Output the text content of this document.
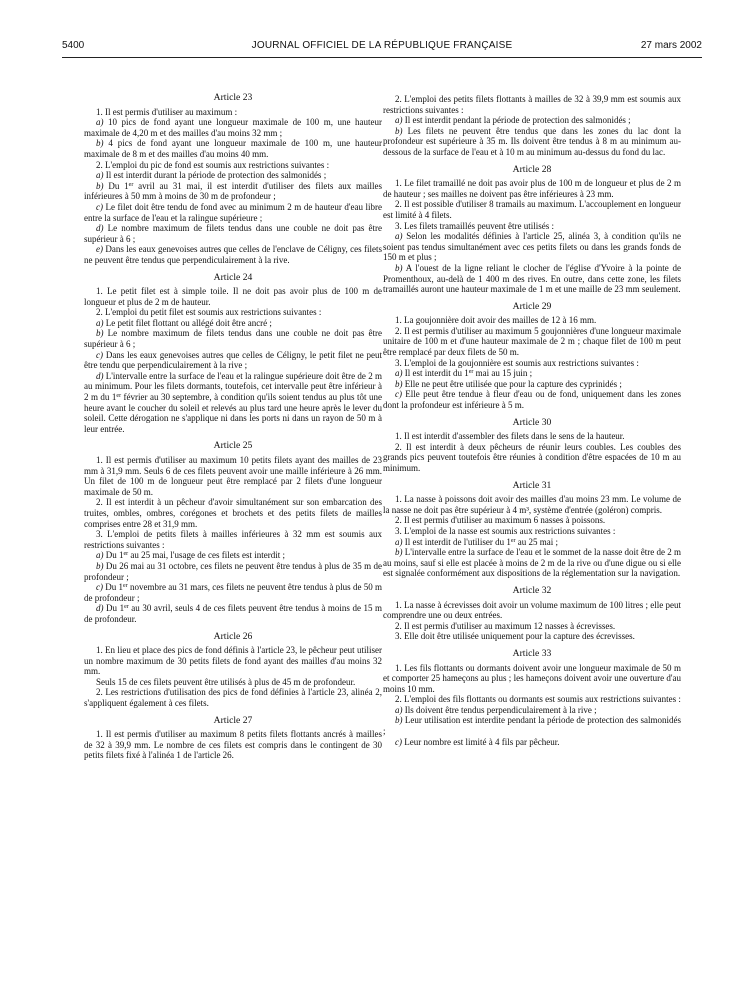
5400	JOURNAL OFFICIEL DE LA RÉPUBLIQUE FRANÇAISE	27 mars 2002
Article 23

1. Il est permis d'utiliser au maximum :

a) 10 pics de fond ayant une longueur maximale de 100 m, une hauteur maximale de 4,20 m et des mailles d'au moins 32 mm ;

b) 4 pics de fond ayant une longueur maximale de 100 m, une hauteur maximale de 8 m et des mailles d'au moins 40 mm.

2. L'emploi du pic de fond est soumis aux restrictions suivantes :

a) Il est interdit durant la période de protection des salmonidés ;

b) Du 1er avril au 31 mai, il est interdit d'utiliser des filets aux mailles inférieures à 50 mm à moins de 30 m de profondeur ;

c) Le filet doit être tendu de fond avec au minimum 2 m de hauteur d'eau libre entre la surface de l'eau et la ralingue supérieure ;

d) Le nombre maximum de filets tendus dans une couble ne doit pas être supérieur à 6 ;

e) Dans les eaux genevoises autres que celles de l'enclave de Céligny, ces filets ne peuvent être tendus que perpendiculairement à la rive.

Article 24

1. Le petit filet est à simple toile. Il ne doit pas avoir plus de 100 m de longueur et plus de 2 m de hauteur.

2. L'emploi du petit filet est soumis aux restrictions suivantes :

a) Le petit filet flottant ou allégé doit être ancré ;

b) Le nombre maximum de filets tendus dans une couble ne doit pas être supérieur à 6 ;

c) Dans les eaux genevoises autres que celles de Céligny, le petit filet ne peut être tendu que perpendiculairement à la rive ;

d) L'intervalle entre la surface de l'eau et la ralingue supérieure doit être de 2 m au minimum. Pour les filets dormants, toutefois, cet intervalle peut être inférieur à 2 m du 1er février au 30 septembre, à condition qu'ils soient tendus au plus tôt une heure avant le coucher du soleil et relevés au plus tard une heure après le lever du soleil. Cette dérogation ne s'applique ni dans les ports ni dans un rayon de 50 m à leur entrée.

Article 25

1. Il est permis d'utiliser au maximum 10 petits filets ayant des mailles de 23 mm à 31,9 mm. Seuls 6 de ces filets peuvent avoir une maille inférieure à 26 mm. Un filet de 100 m de longueur peut être remplacé par 2 filets d'une longueur maximale de 50 m.

2. Il est interdit à un pêcheur d'avoir simultanément sur son embarcation des truites, ombles, ombres, corégones et brochets et des petits filets de mailles comprises entre 28 et 31,9 mm.

3. L'emploi de petits filets à mailles inférieures à 32 mm est soumis aux restrictions suivantes :

a) Du 1er au 25 mai, l'usage de ces filets est interdit ;

b) Du 26 mai au 31 octobre, ces filets ne peuvent être tendus à plus de 35 m de profondeur ;

c) Du 1er novembre au 31 mars, ces filets ne peuvent être tendus à plus de 50 m de profondeur ;

d) Du 1er au 30 avril, seuls 4 de ces filets peuvent être tendus à moins de 15 m de profondeur.

Article 26

1. En lieu et place des pics de fond définis à l'article 23, le pêcheur peut utiliser un nombre maximum de 30 petits filets de fond ayant des mailles d'au moins 32 mm.

Seuls 15 de ces filets peuvent être utilisés à plus de 45 m de profondeur.

2. Les restrictions d'utilisation des pics de fond définies à l'article 23, alinéa 2, s'appliquent également à ces filets.

Article 27

1. Il est permis d'utiliser au maximum 8 petits filets flottants ancrés à mailles de 32 à 39,9 mm. Le nombre de ces filets est compris dans le contingent de 30 petits filets fixé à l'alinéa 1 de l'article 26.

2. L'emploi des petits filets flottants à mailles de 32 à 39,9 mm est soumis aux restrictions suivantes :

a) Il est interdit pendant la période de protection des salmonidés ;

b) Les filets ne peuvent être tendus que dans les zones du lac dont la profondeur est supérieure à 35 m. Ils doivent être tendus à 8 m au minimum au-dessous de la surface de l'eau et à 10 m au minimum au-dessus du fond du lac.

Article 28

1. Le filet tramaillé ne doit pas avoir plus de 100 m de longueur et plus de 2 m de hauteur ; ses mailles ne doivent pas être inférieures à 23 mm.

2. Il est possible d'utiliser 8 tramails au maximum. L'accouplement en longueur est limité à 4 filets.

3. Les filets tramaillés peuvent être utilisés :

a) Selon les modalités définies à l'article 25, alinéa 3, à condition qu'ils ne soient pas tendus simultanément avec ces petits filets ou dans les grands fonds de 150 m et plus ;

b) A l'ouest de la ligne reliant le clocher de l'église d'Yvoire à la pointe de Promenthoux, au-delà de 1 400 m des rives. En outre, dans cette zone, les filets tramaillés auront une hauteur maximale de 1 m et une maille de 23 mm seulement.

Article 29

1. La goujonnière doit avoir des mailles de 12 à 16 mm.

2. Il est permis d'utiliser au maximum 5 goujonnières d'une longueur maximale unitaire de 100 m et d'une hauteur maximale de 2 m ; chaque filet de 100 m peut être remplacé par deux filets de 50 m.

3. L'emploi de la goujonnière est soumis aux restrictions suivantes :

a) Il est interdit du 1er mai au 15 juin ;

b) Elle ne peut être utilisée que pour la capture des cyprinidés ;

c) Elle peut être tendue à fleur d'eau ou de fond, uniquement dans les zones dont la profondeur est inférieure à 5 m.

Article 30

1. Il est interdit d'assembler des filets dans le sens de la hauteur.

2. Il est interdit à deux pêcheurs de réunir leurs coubles. Les coubles des grands pics peuvent toutefois être réunies à condition d'être espacées de 10 m au minimum.

Article 31

1. La nasse à poissons doit avoir des mailles d'au moins 23 mm. Le volume de la nasse ne doit pas être supérieur à 4 m³, système d'entrée (goléron) compris.

2. Il est permis d'utiliser au maximum 6 nasses à poissons.

3. L'emploi de la nasse est soumis aux restrictions suivantes :

a) Il est interdit de l'utiliser du 1er au 25 mai ;

b) L'intervalle entre la surface de l'eau et le sommet de la nasse doit être de 2 m au moins, sauf si elle est placée à moins de 2 m de la rive ou d'une digue ou si elle est signalée conformément aux dispositions de la réglementation sur la navigation.

Article 32

1. La nasse à écrevisses doit avoir un volume maximum de 100 litres ; elle peut comprendre une ou deux entrées.

2. Il est permis d'utiliser au maximum 12 nasses à écrevisses.

3. Elle doit être utilisée uniquement pour la capture des écrevisses.

Article 33

1. Les fils flottants ou dormants doivent avoir une longueur maximale de 50 m et comporter 25 hameçons au plus ; les hameçons doivent avoir une ouverture d'au moins 10 mm.

2. L'emploi des fils flottants ou dormants est soumis aux restrictions suivantes :

a) Ils doivent être tendus perpendiculairement à la rive ;

b) Leur utilisation est interdite pendant la période de protection des salmonidés ;

c) Leur nombre est limité à 4 fils par pêcheur.
